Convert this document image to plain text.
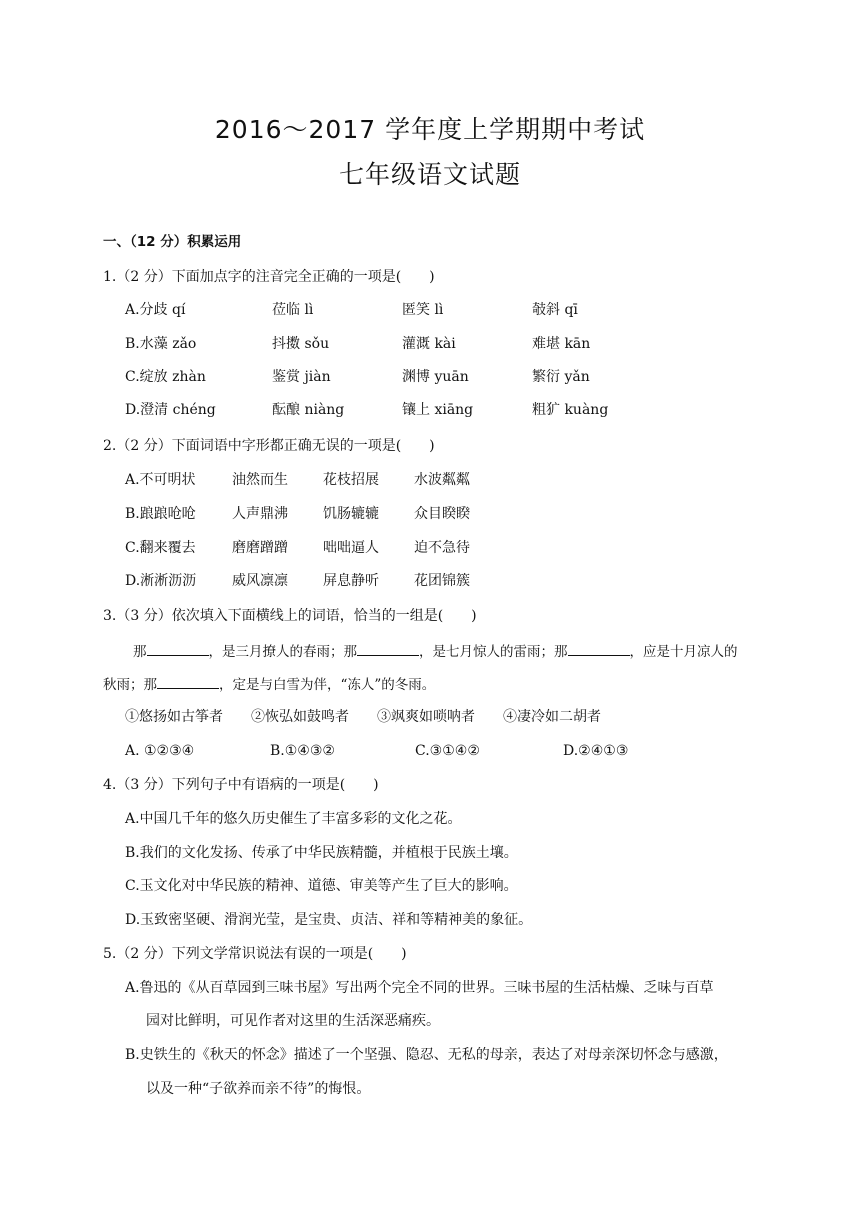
2016～2017 学年度上学期期中考试
七年级语文试题
一、（12 分）积累运用
1.（2 分）下面加点字的注音完全正确的一项是(　　)
A.分歧 qí	莅临 lì	匿笑 lì	攲斜 qī
B.水藻 zǎo	抖擞 sǒu	灌溉 kài	难堪 kān
C.绽放 zhàn	鉴赏 jiàn	渊博 yuān	繁衍 yǎn
D.澄清 chéng	酝酿 niàng	镶上 xiāng	粗犷 kuàng
2.（2 分）下面词语中字形都正确无误的一项是(　　)
A.不可明状	油然而生	花枝招展	水波粼粼
B.踉踉呛呛	人声鼎沸	饥肠辘辘	众目睽睽
C.翻来覆去	磨磨蹭蹭	咄咄逼人	迫不急待
D.淅淅沥沥	威风凛凛	屏息静听	花团锦簇
3.（3 分）依次填入下面横线上的词语，恰当的一组是(　　)
那	，是三月撩人的春雨；那	，是七月惊人的雷雨；那	，应是十月凉人的
秋雨；那	，定是与白雪为伴，“冻人”的冬雨。
①悠扬如古筝者　　②恢弘如鼓鸣者　　③飒爽如唢呐者　　④凄冷如二胡者
A. ①②③④	B.①④③②	C.③①④②	D.②④①③
4.（3 分）下列句子中有语病的一项是(　　)
A.中国几千年的悠久历史催生了丰富多彩的文化之花。
B.我们的文化发扬、传承了中华民族精髓，并植根于民族土壤。
C.玉文化对中华民族的精神、道德、审美等产生了巨大的影响。
D.玉致密坚硬、滑润光莹，是宝贵、贞洁、祥和等精神美的象征。
5.（2 分）下列文学常识说法有误的一项是(　　)
A.鲁迅的《从百草园到三味书屋》写出两个完全不同的世界。三味书屋的生活枯燥、乏味与百草
园对比鲜明，可见作者对这里的生活深恶痛疾。
B.史铁生的《秋天的怀念》描述了一个坚强、隐忍、无私的母亲，表达了对母亲深切怀念与感激，
以及一种“子欲养而亲不待”的悔恨。
